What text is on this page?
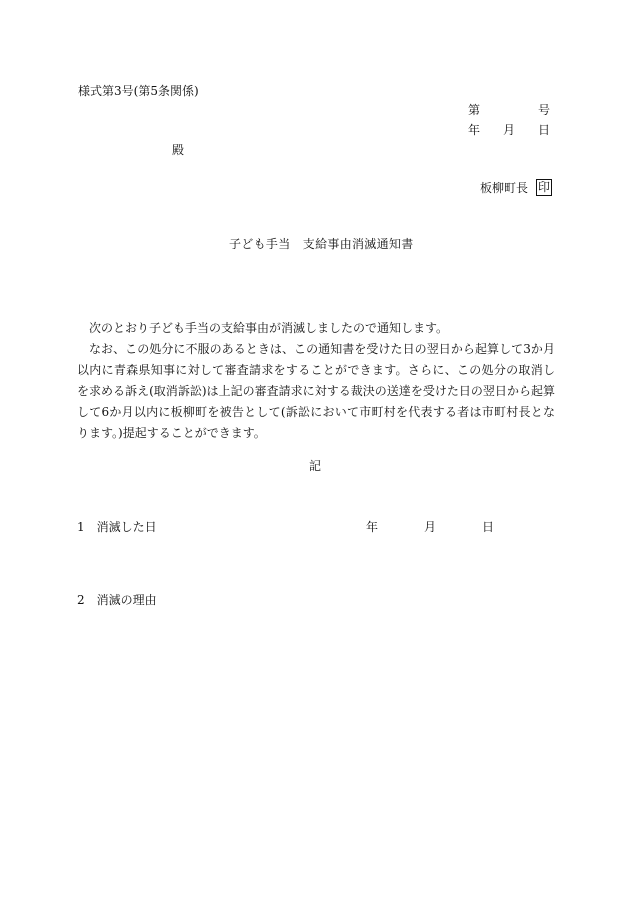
様式第3号(第5条関係)
第	号
年 月 日
殿
板柳町長 印
子ども手当　支給事由消滅通知書

次のとおり子ども手当の支給事由が消滅しましたので通知します。

なお、この処分に不服のあるときは、この通知書を受けた日の翌日から起算して3か月以内に青森県知事に対して審査請求をすることができます。さらに、この処分の取消しを求める訴え(取消訴訟)は上記の審査請求に対する裁決の送達を受けた日の翌日から起算して6か月以内に板柳町を被告として(訴訟において市町村を代表する者は市町村長となります。)提起することができます。

記
1　消滅した日	年	月	日
2　消滅の理由
